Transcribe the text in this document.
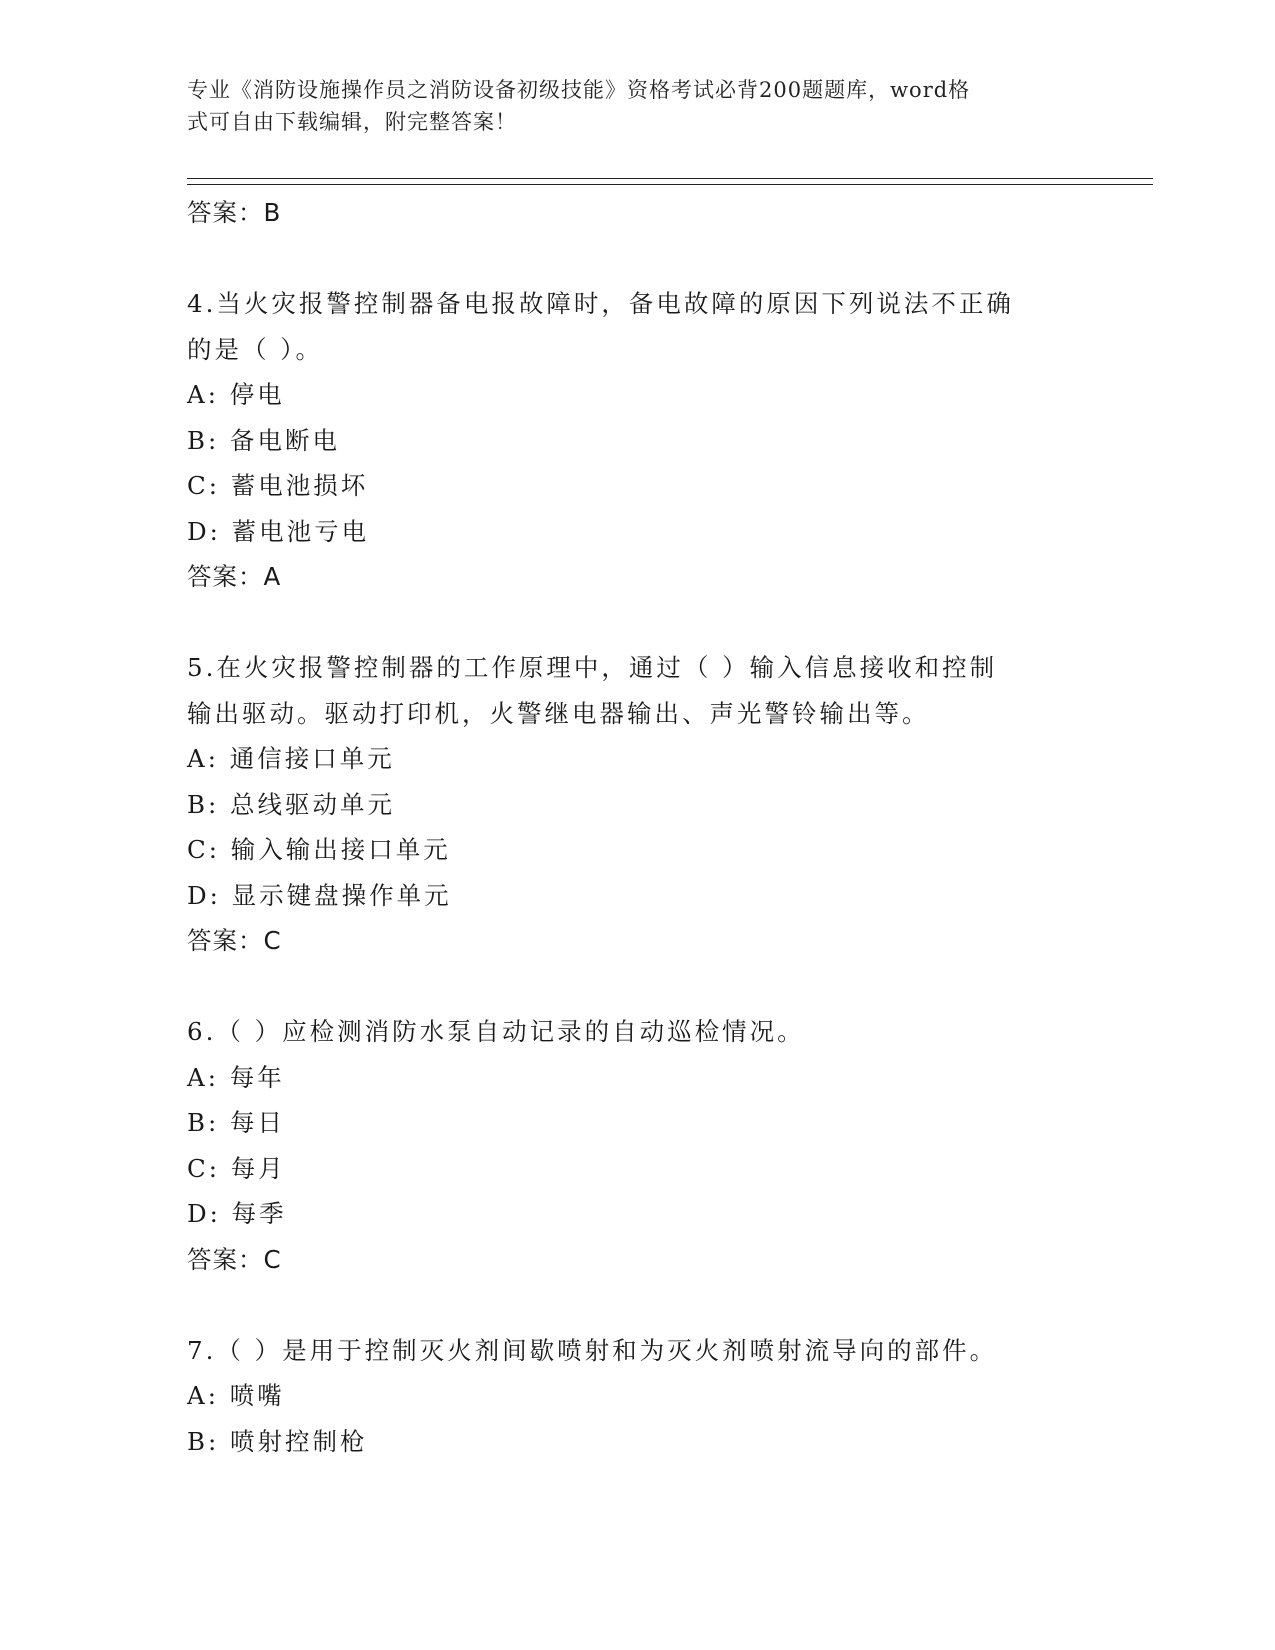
专业《消防设施操作员之消防设备初级技能》资格考试必背200题题库，word格
式可自由下载编辑，附完整答案！
答案：B
4.当火灾报警控制器备电报故障时，备电故障的原因下列说法不正确
的是（ ）。
A: 停电
B: 备电断电
C: 蓄电池损坏
D: 蓄电池亏电
答案：A
5.在火灾报警控制器的工作原理中，通过（ ）输入信息接收和控制
输出驱动。驱动打印机，火警继电器输出、声光警铃输出等。
A: 通信接口单元
B: 总线驱动单元
C: 输入输出接口单元
D: 显示键盘操作单元
答案：C
6.（ ）应检测消防水泵自动记录的自动巡检情况。
A: 每年
B: 每日
C: 每月
D: 每季
答案：C
7.（ ）是用于控制灭火剂间歇喷射和为灭火剂喷射流导向的部件。
A: 喷嘴
B: 喷射控制枪
